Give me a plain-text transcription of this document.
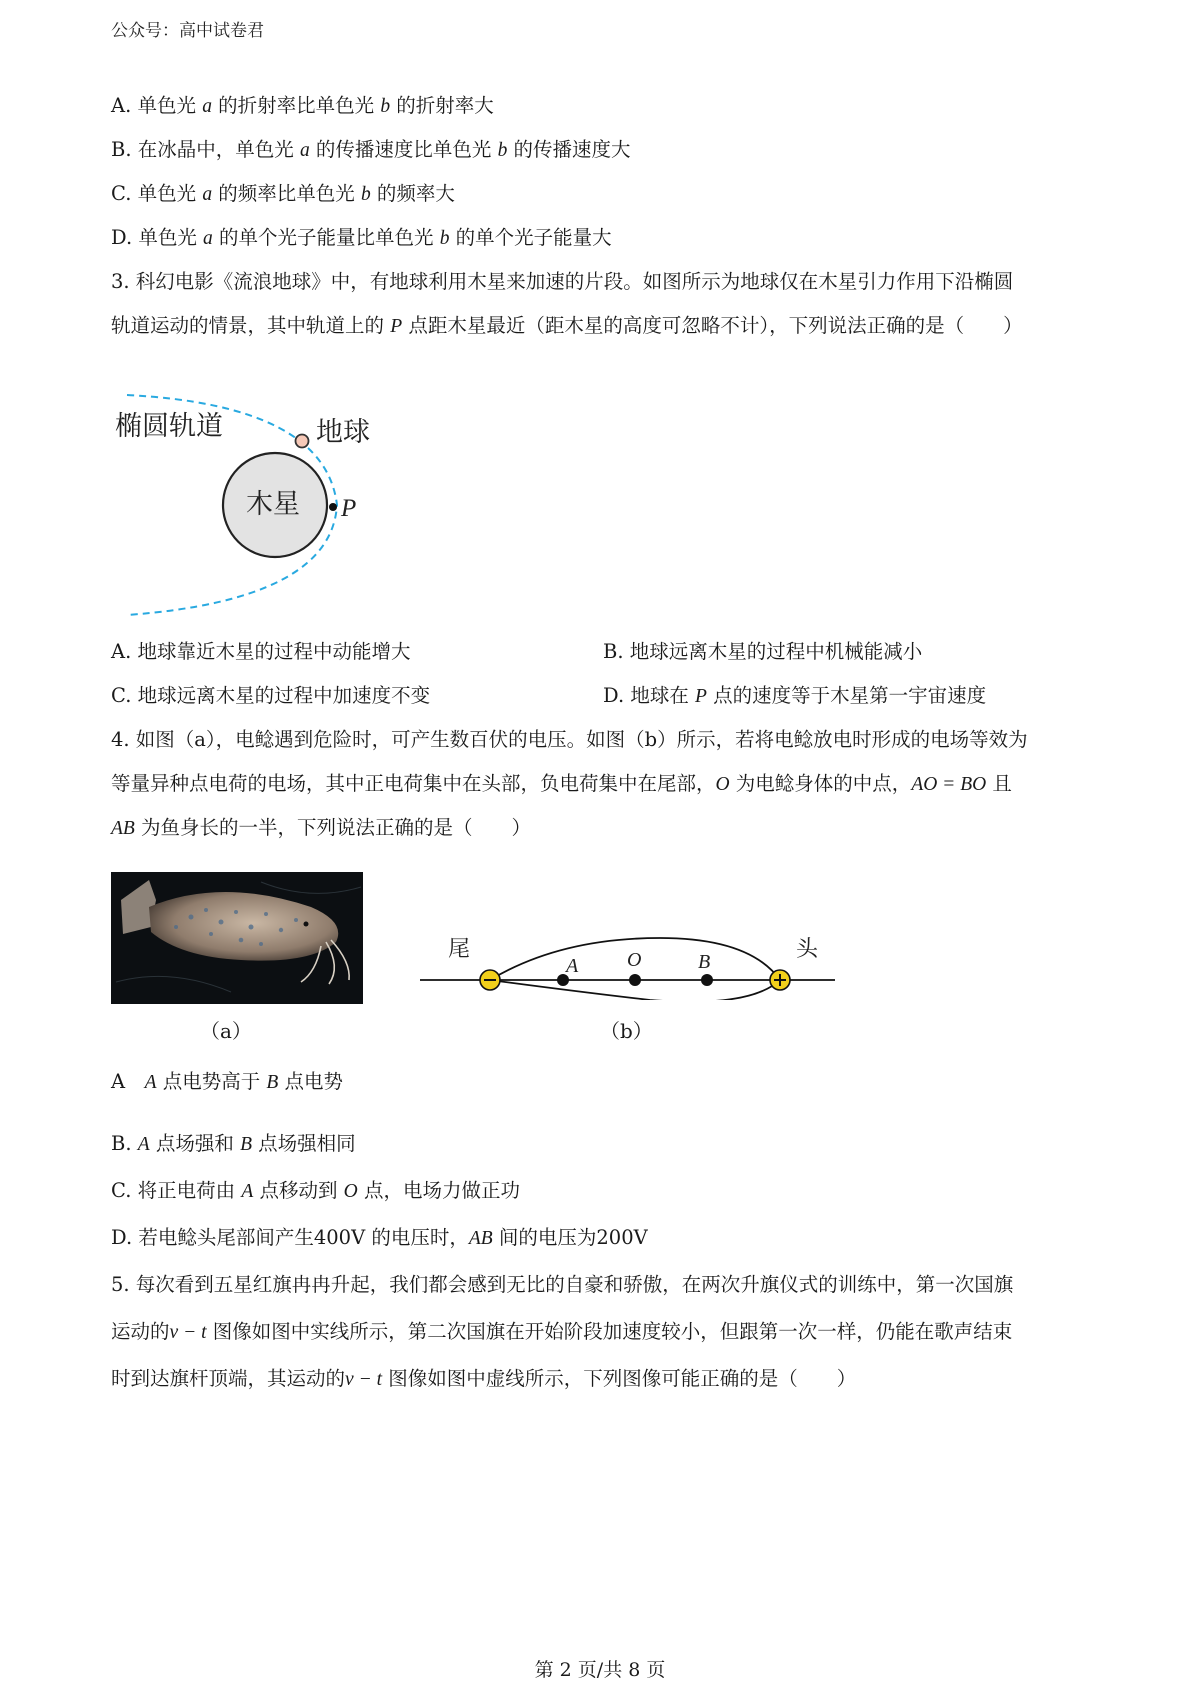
公众号：高中试卷君
A. 单色光 a 的折射率比单色光 b 的折射率大
B. 在冰晶中，单色光 a 的传播速度比单色光 b 的传播速度大
C. 单色光 a 的频率比单色光 b 的频率大
D. 单色光 a 的单个光子能量比单色光 b 的单个光子能量大
3. 科幻电影《流浪地球》中，有地球利用木星来加速的片段。如图所示为地球仅在木星引力作用下沿椭圆
轨道运动的情景，其中轨道上的 P 点距木星最近（距木星的高度可忽略不计），下列说法正确的是（　　）
椭圆轨道	地球
木星 P
A. 地球靠近木星的过程中动能增大	B. 地球远离木星的过程中机械能减小
C. 地球远离木星的过程中加速度不变	D. 地球在 P 点的速度等于木星第一宇宙速度
4. 如图（a），电鲶遇到危险时，可产生数百伏的电压。如图（b）所示，若将电鲶放电时形成的电场等效为
等量异种点电荷的电场，其中正电荷集中在头部，负电荷集中在尾部，O 为电鲶身体的中点，AO = BO 且
AB 为鱼身长的一半，下列说法正确的是（　　）
（a）
尾	头
A O	B
（b）
A　A 点电势高于 B 点电势
B. A 点场强和 B 点场强相同
C. 将正电荷由 A 点移动到 O 点，电场力做正功
D. 若电鲶头尾部间产生400V 的电压时，AB 间的电压为200V
5. 每次看到五星红旗冉冉升起，我们都会感到无比的自豪和骄傲，在两次升旗仪式的训练中，第一次国旗
运动的v − t 图像如图中实线所示，第二次国旗在开始阶段加速度较小，但跟第一次一样，仍能在歌声结束
时到达旗杆顶端，其运动的v − t 图像如图中虚线所示，下列图像可能正确的是（　　）
第 2 页/共 8 页
